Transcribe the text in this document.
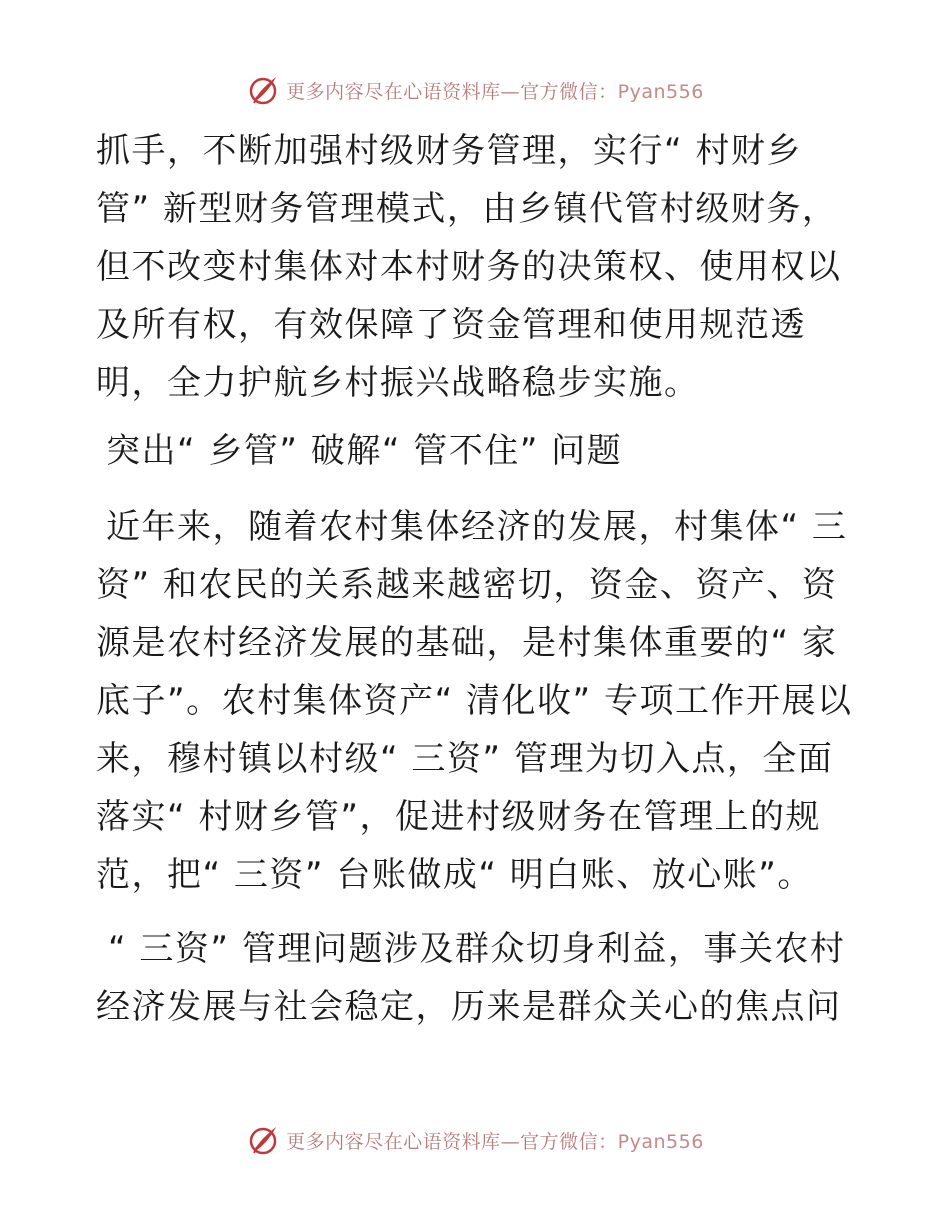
更多内容尽在心语资料库—官方微信：Pyan556

抓手，不断加强村级财务管理，实行“ 村财乡管” 新型财务管理模式，由乡镇代管村级财务，但不改变村集体对本村财务的决策权、使用权以及所有权，有效保障了资金管理和使用规范透明，全力护航乡村振兴战略稳步实施。

突出“ 乡管” 破解“ 管不住” 问题

近年来，随着农村集体经济的发展，村集体“ 三资” 和农民的关系越来越密切，资金、资产、资源是农村经济发展的基础，是村集体重要的“ 家底子”。农村集体资产“ 清化收” 专项工作开展以来，穆村镇以村级“ 三资” 管理为切入点，全面落实“ 村财乡管”，促进村级财务在管理上的规范，把“ 三资” 台账做成“ 明白账、放心账”。

“ 三资” 管理问题涉及群众切身利益，事关农村经济发展与社会稳定，历来是群众关心的焦点问

更多内容尽在心语资料库—官方微信：Pyan556
